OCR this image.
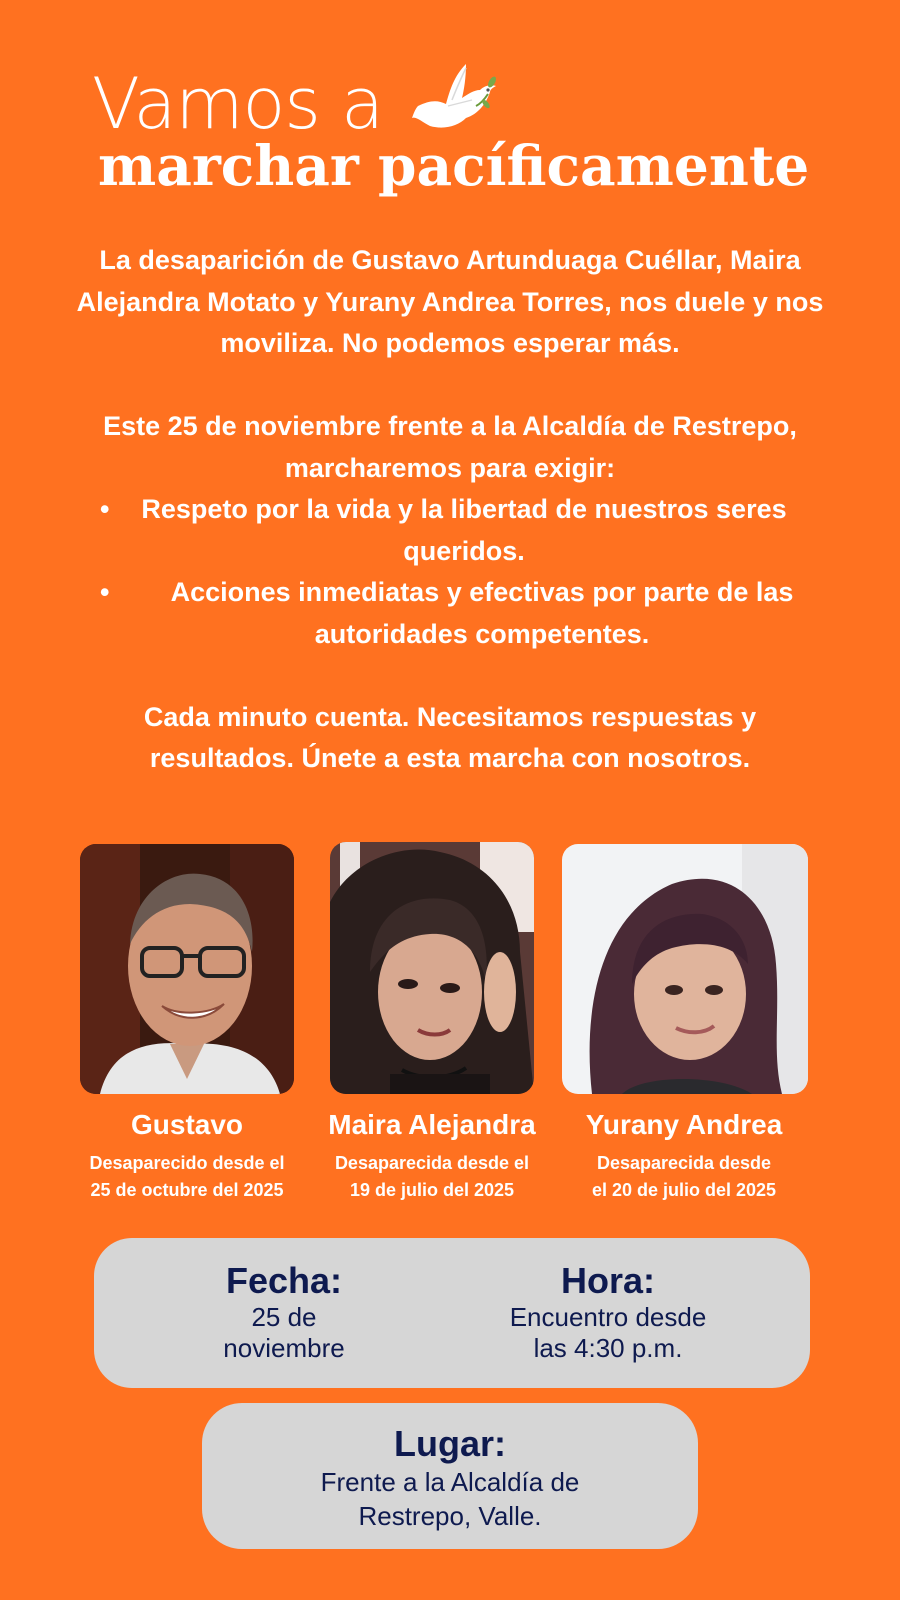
Vamos a
marchar pacíficamente

La desaparición de Gustavo Artunduaga Cuéllar, Maira Alejandra Motato y Yurany Andrea Torres, nos duele y nos moviliza. No podemos esperar más.

Este 25 de noviembre frente a la Alcaldía de Restrepo, marcharemos para exigir:

• Respeto por la vida y la libertad de nuestros seres queridos.
• Acciones inmediatas y efectivas por parte de las autoridades competentes.

Cada minuto cuenta. Necesitamos respuestas y resultados. Únete a esta marcha con nosotros.

Gustavo
Desaparecido desde el
25 de octubre del 2025
Maira Alejandra
Desaparecida desde el
19 de julio del 2025
Yurany Andrea
Desaparecida desde
el 20 de julio del 2025
Fecha:
25 de
noviembre
Hora:
Encuentro desde
las 4:30 p.m.
Lugar:
Frente a la Alcaldía de
Restrepo, Valle.
